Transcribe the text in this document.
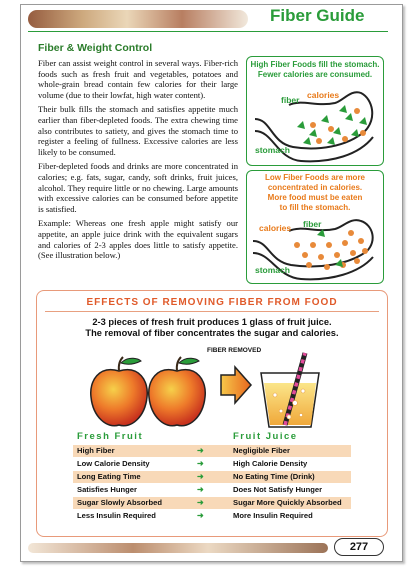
Fiber Guide
Fiber & Weight Control

Fiber can assist weight control in several ways. Fiber-rich foods such as fresh fruit and vegetables, potatoes and whole-grain bread contain few calories for their large volume (due to their lowfat, high water content).

Their bulk fills the stomach and satisfies appetite much earlier than fiber-depleted foods. The extra chewing time also contributes to satiety, and gives the stomach time to register a feeling of fullness. Excessive calories are less likely to be consumed.

Fiber-depleted foods and drinks are more concentrated in calories; e.g. fats, sugar, candy, soft drinks, fruit juices, alcohol. They require little or no chewing. Large amounts with excessive calories can be consumed before appetite is satisfied.

Example: Whereas one fresh apple might satisfy our appetite, an apple juice drink with the equivalent sugars and calories of 2-3 apples does little to satisfy appetite. (See illustration below.)

High Fiber Foods fill the stomach.
Fewer calories are consumed.
fiber calories
stomach
Low Fiber Foods are more
concentrated in calories.
More food must be eaten
to fill the stomach.
calories fiber
stomach
EFFECTS OF REMOVING FIBER FROM FOOD
2-3 pieces of fresh fruit produces 1 glass of fruit juice.
The removal of fiber concentrates the sugar and calories.
FIBER REMOVED
Fresh Fruit	Fruit Juice
High Fiber	➜	Negligible Fiber
Low Calorie Density	➜	High Calorie Density
Long Eating Time	➜	No Eating Time (Drink)
Satisfies Hunger	➜	Does Not Satisfy Hunger
Sugar Slowly Absorbed	➜	Sugar More Quickly Absorbed
Less Insulin Required	➜	More Insulin Required
277
